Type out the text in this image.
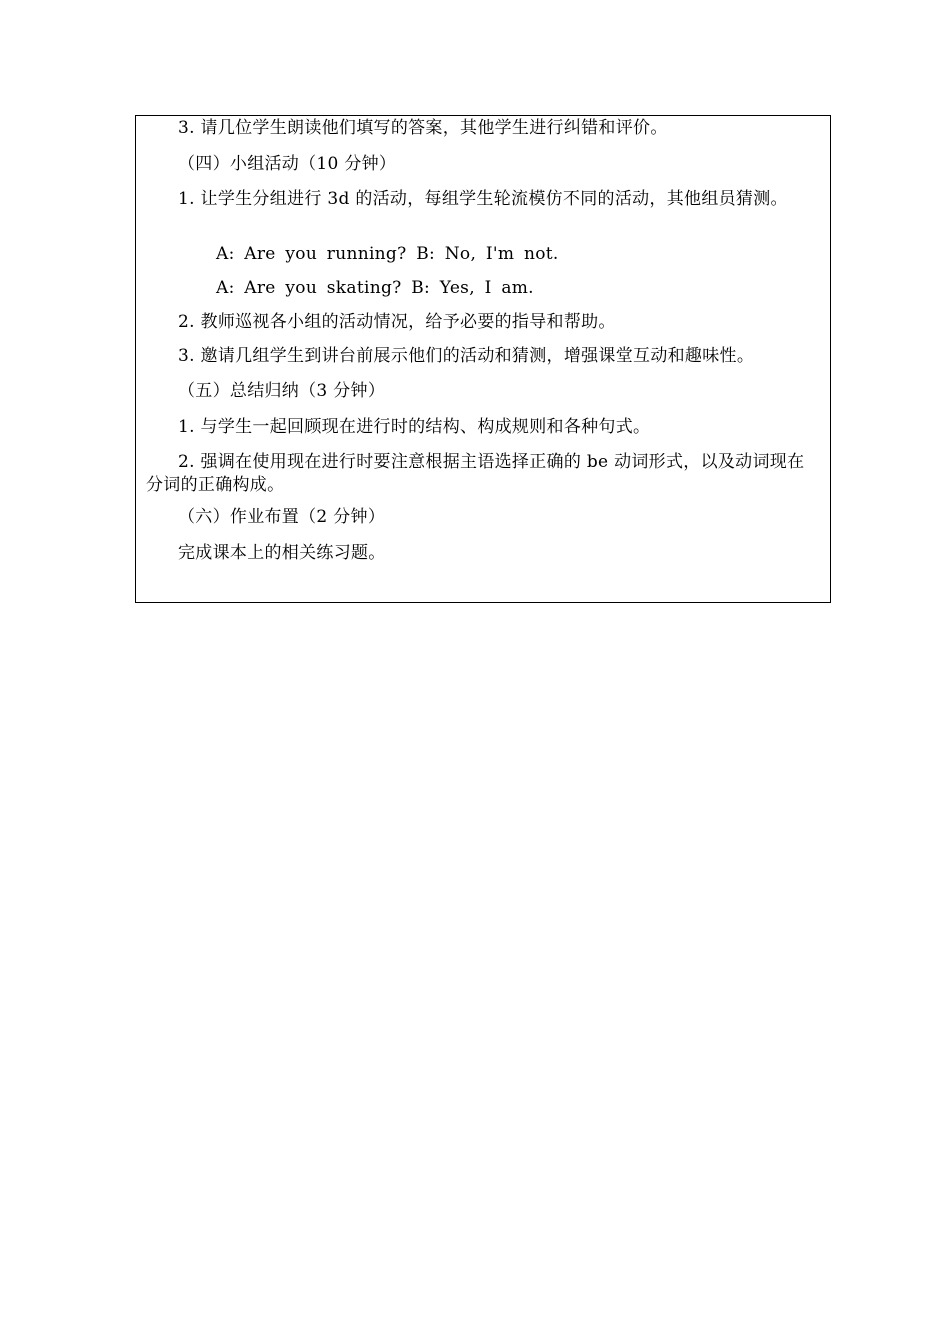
3. 请几位学生朗读他们填写的答案，其他学生进行纠错和评价。

（四）小组活动（10 分钟）

1. 让学生分组进行 3d 的活动，每组学生轮流模仿不同的活动，其他组员猜测。

A: Are you running? B: No, I'm not.

A: Are you skating? B: Yes, I am.

2. 教师巡视各小组的活动情况，给予必要的指导和帮助。

3. 邀请几组学生到讲台前展示他们的活动和猜测，增强课堂互动和趣味性。

（五）总结归纳（3 分钟）

1. 与学生一起回顾现在进行时的结构、构成规则和各种句式。

2. 强调在使用现在进行时要注意根据主语选择正确的 be 动词形式，以及动词现在分词的正确构成。

（六）作业布置（2 分钟）

完成课本上的相关练习题。
